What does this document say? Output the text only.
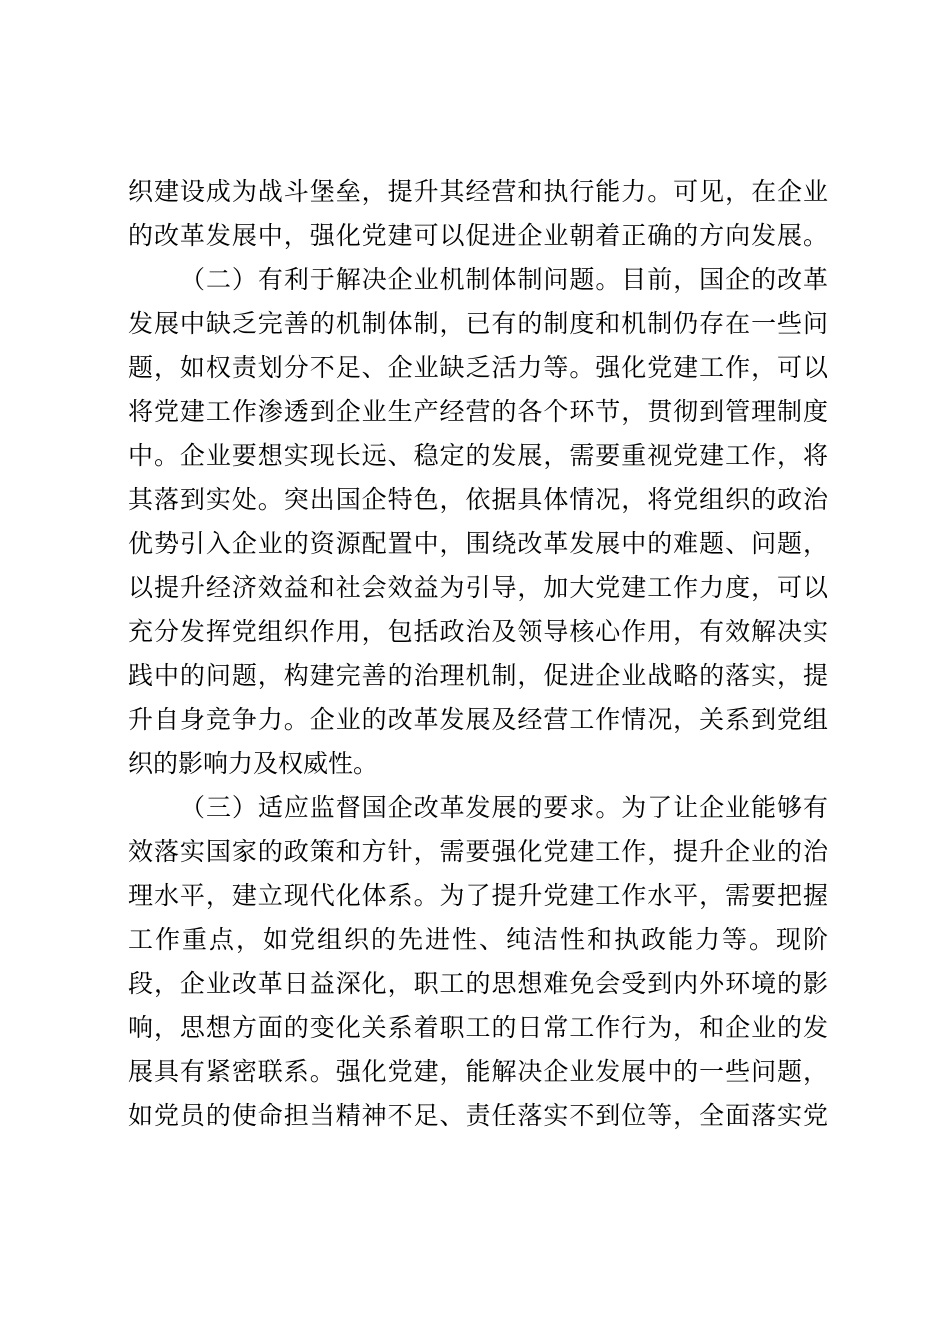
织建设成为战斗堡垒，提升其经营和执行能力。可见，在企业
的改革发展中，强化党建可以促进企业朝着正确的方向发展。
（二）有利于解决企业机制体制问题。目前，国企的改革
发展中缺乏完善的机制体制，已有的制度和机制仍存在一些问
题，如权责划分不足、企业缺乏活力等。强化党建工作，可以
将党建工作渗透到企业生产经营的各个环节，贯彻到管理制度
中。企业要想实现长远、稳定的发展，需要重视党建工作，将
其落到实处。突出国企特色，依据具体情况，将党组织的政治
优势引入企业的资源配置中，围绕改革发展中的难题、问题，
以提升经济效益和社会效益为引导，加大党建工作力度，可以
充分发挥党组织作用，包括政治及领导核心作用，有效解决实
践中的问题，构建完善的治理机制，促进企业战略的落实，提
升自身竞争力。企业的改革发展及经营工作情况，关系到党组
织的影响力及权威性。
（三）适应监督国企改革发展的要求。为了让企业能够有
效落实国家的政策和方针，需要强化党建工作，提升企业的治
理水平，建立现代化体系。为了提升党建工作水平，需要把握
工作重点，如党组织的先进性、纯洁性和执政能力等。现阶
段，企业改革日益深化，职工的思想难免会受到内外环境的影
响，思想方面的变化关系着职工的日常工作行为，和企业的发
展具有紧密联系。强化党建，能解决企业发展中的一些问题，
如党员的使命担当精神不足、责任落实不到位等，全面落实党
